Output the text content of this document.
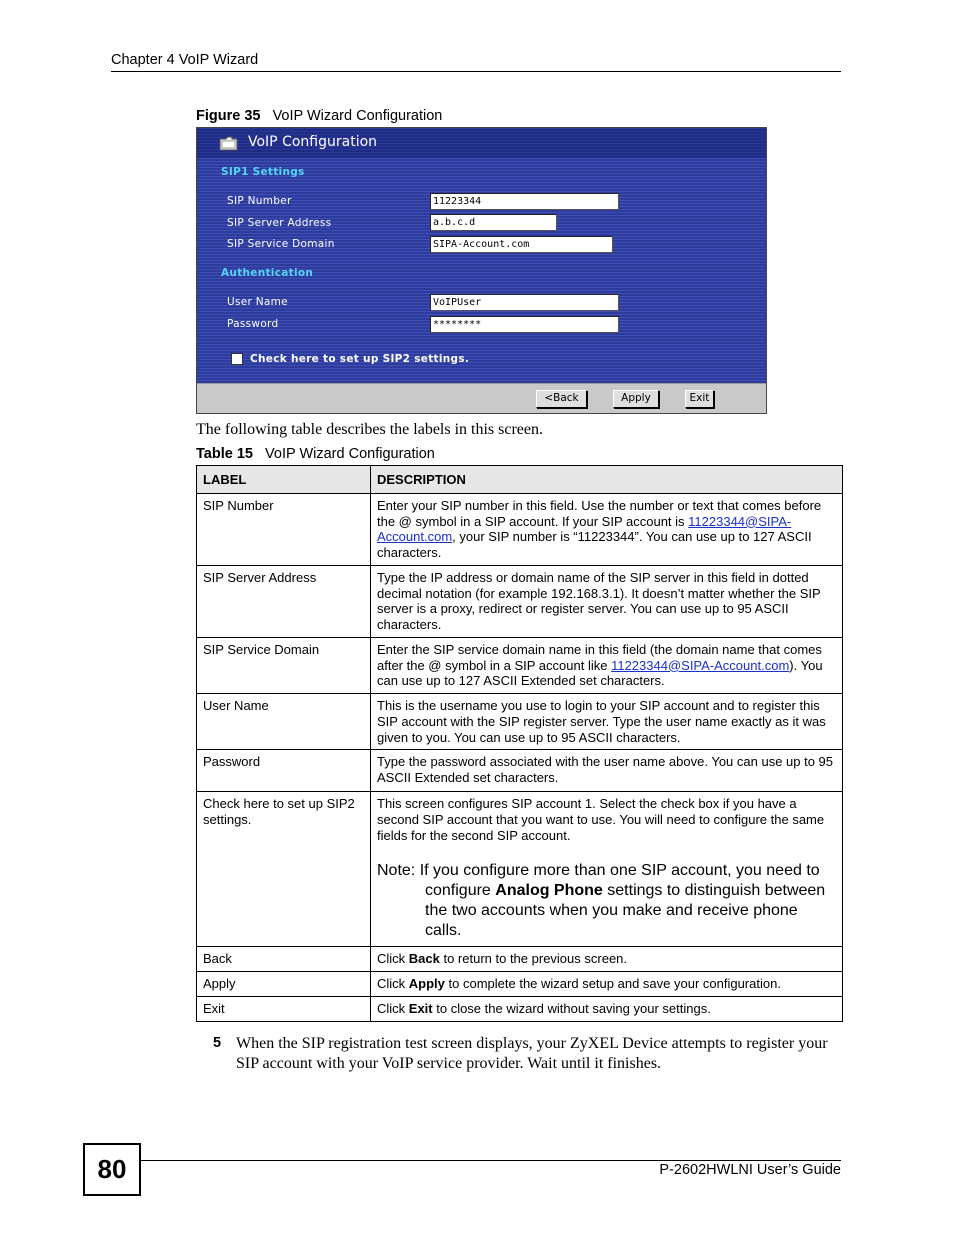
Chapter 4 VoIP Wizard
Figure 35 VoIP Wizard Configuration
VoIP Configuration
SIP1 Settings
SIP Number	11223344
SIP Server Address	a.b.c.d
SIP Service Domain	SIPA-Account.com
Authentication
User Name	VoIPUser
Password	********
Check here to set up SIP2 settings.
<Back	Apply	Exit
The following table describes the labels in this screen.
Table 15 VoIP Wizard Configuration
LABEL	DESCRIPTION
SIP Number	Enter your SIP number in this field. Use the number or text that comes before the @ symbol in a SIP account. If your SIP account is 11223344@SIPA-Account.com, your SIP number is “11223344”. You can use up to 127 ASCII characters.
SIP Server Address	Type the IP address or domain name of the SIP server in this field in dotted decimal notation (for example 192.168.3.1). It doesn’t matter whether the SIP server is a proxy, redirect or register server. You can use up to 95 ASCII characters.
SIP Service Domain	Enter the SIP service domain name in this field (the domain name that comes after the @ symbol in a SIP account like 11223344@SIPA-Account.com). You can use up to 127 ASCII Extended set characters.
User Name	This is the username you use to login to your SIP account and to register this SIP account with the SIP register server. Type the user name exactly as it was given to you. You can use up to 95 ASCII characters.
Password	Type the password associated with the user name above. You can use up to 95 ASCII Extended set characters.
Check here to set up SIP2 settings.	This screen configures SIP account 1. Select the check box if you have a second SIP account that you want to use. You will need to configure the same fields for the second SIP account.
Note: If you configure more than one SIP account, you need to configure Analog Phone settings to distinguish between the two accounts when you make and receive phone calls.

Back	Click Back to return to the previous screen.
Apply	Click Apply to complete the wizard setup and save your configuration.
Exit	Click Exit to close the wizard without saving your settings.
5 When the SIP registration test screen displays, your ZyXEL Device attempts to register your SIP account with your VoIP service provider. Wait until it finishes.
80	P-2602HWLNI User’s Guide
